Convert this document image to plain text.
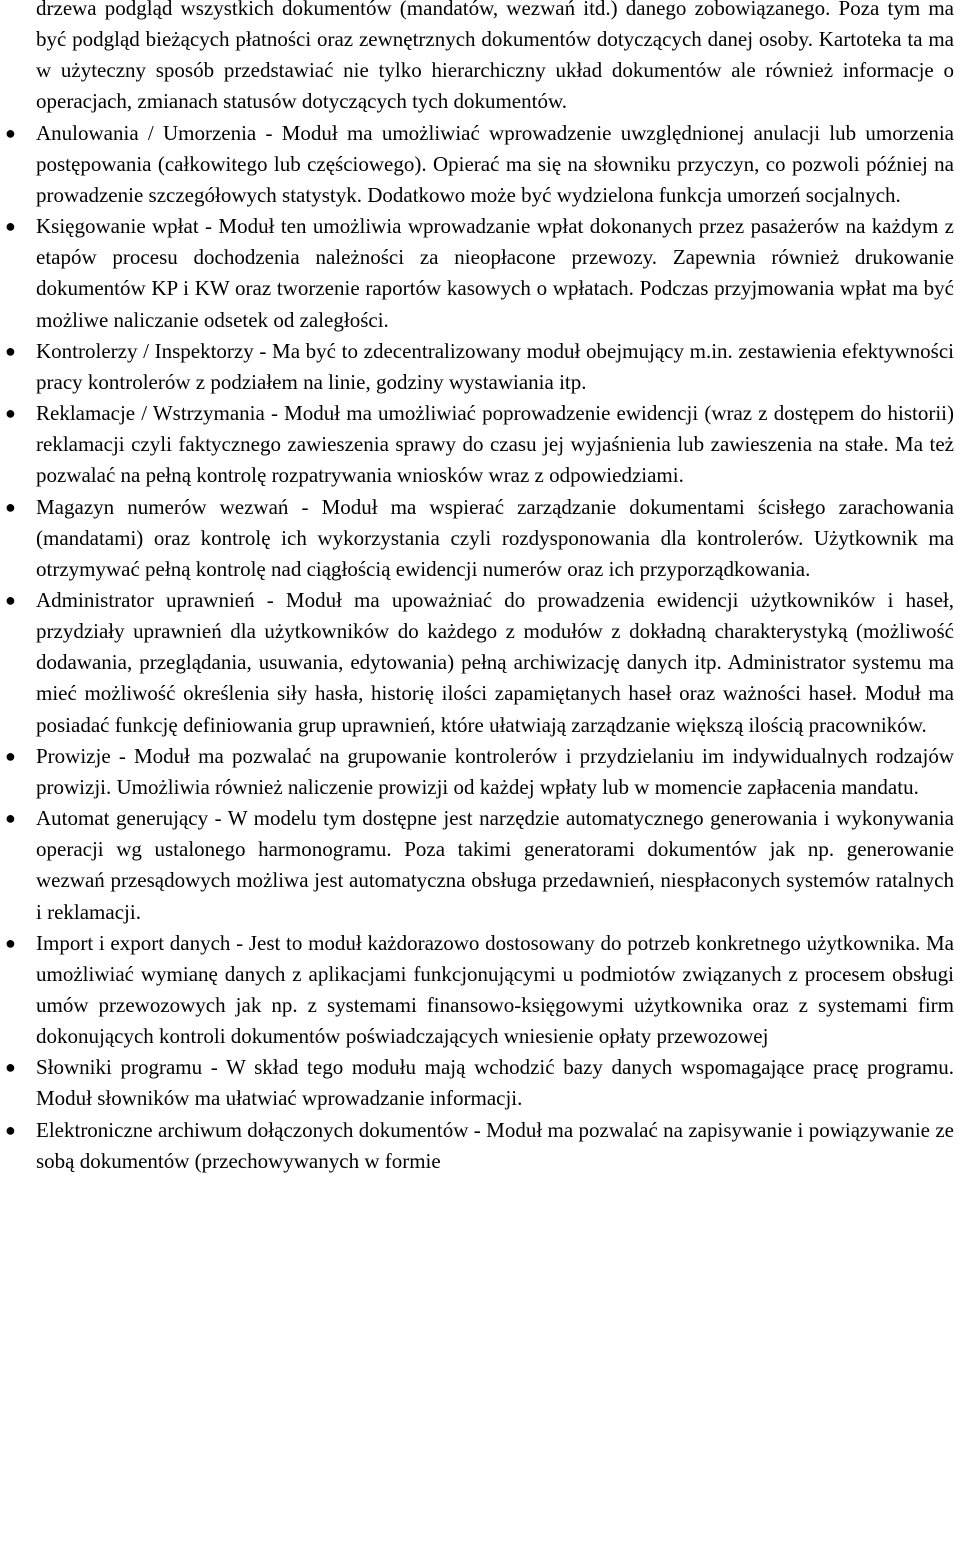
drzewa podgląd wszystkich dokumentów (mandatów, wezwań itd.) danego zobowiązanego. Poza tym ma być podgląd bieżących płatności oraz zewnętrznych dokumentów dotyczących danej osoby. Kartoteka ta ma w użyteczny sposób przedstawiać nie tylko hierarchiczny układ dokumentów ale również informacje o operacjach, zmianach statusów dotyczących tych dokumentów.

● Anulowania / Umorzenia - Moduł ma umożliwiać wprowadzenie uwzględnionej anulacji lub umorzenia postępowania (całkowitego lub częściowego). Opierać ma się na słowniku przyczyn, co pozwoli później na prowadzenie szczegółowych statystyk. Dodatkowo może być wydzielona funkcja umorzeń socjalnych.
● Księgowanie wpłat - Moduł ten umożliwia wprowadzanie wpłat dokonanych przez pasażerów na każdym z etapów procesu dochodzenia należności za nieopłacone przewozy. Zapewnia również drukowanie dokumentów KP i KW oraz tworzenie raportów kasowych o wpłatach. Podczas przyjmowania wpłat ma być możliwe naliczanie odsetek od zaległości.
● Kontrolerzy / Inspektorzy - Ma być to zdecentralizowany moduł obejmujący m.in. zestawienia efektywności pracy kontrolerów z podziałem na linie, godziny wystawiania itp.
● Reklamacje / Wstrzymania - Moduł ma umożliwiać poprowadzenie ewidencji (wraz z dostępem do historii) reklamacji czyli faktycznego zawieszenia sprawy do czasu jej wyjaśnienia lub zawieszenia na stałe. Ma też pozwalać na pełną kontrolę rozpatrywania wniosków wraz z odpowiedziami.
● Magazyn numerów wezwań - Moduł ma wspierać zarządzanie dokumentami ścisłego zarachowania (mandatami) oraz kontrolę ich wykorzystania czyli rozdysponowania dla kontrolerów. Użytkownik ma otrzymywać pełną kontrolę nad ciągłością ewidencji numerów oraz ich przyporządkowania.
● Administrator uprawnień - Moduł ma upoważniać do prowadzenia ewidencji użytkowników i haseł, przydziały uprawnień dla użytkowników do każdego z modułów z dokładną charakterystyką (możliwość dodawania, przeglądania, usuwania, edytowania) pełną archiwizację danych itp. Administrator systemu ma mieć możliwość określenia siły hasła, historię ilości zapamiętanych haseł oraz ważności haseł. Moduł ma posiadać funkcję definiowania grup uprawnień, które ułatwiają zarządzanie większą ilością pracowników.
● Prowizje - Moduł ma pozwalać na grupowanie kontrolerów i przydzielaniu im indywidualnych rodzajów prowizji. Umożliwia również naliczenie prowizji od każdej wpłaty lub w momencie zapłacenia mandatu.
● Automat generujący - W modelu tym dostępne jest narzędzie automatycznego generowania i wykonywania operacji wg ustalonego harmonogramu. Poza takimi generatorami dokumentów jak np. generowanie wezwań przesądowych możliwa jest automatyczna obsługa przedawnień, niespłaconych systemów ratalnych i reklamacji.
● Import i export danych - Jest to moduł każdorazowo dostosowany do potrzeb konkretnego użytkownika. Ma umożliwiać wymianę danych z aplikacjami funkcjonującymi u podmiotów związanych z procesem obsługi umów przewozowych jak np. z systemami finansowo-księgowymi użytkownika oraz z systemami firm dokonujących kontroli dokumentów poświadczających wniesienie opłaty przewozowej
● Słowniki programu - W skład tego modułu mają wchodzić bazy danych wspomagające pracę programu. Moduł słowników ma ułatwiać wprowadzanie informacji.
● Elektroniczne archiwum dołączonych dokumentów - Moduł ma pozwalać na zapisywanie i powiązywanie ze sobą dokumentów (przechowywanych w formie
